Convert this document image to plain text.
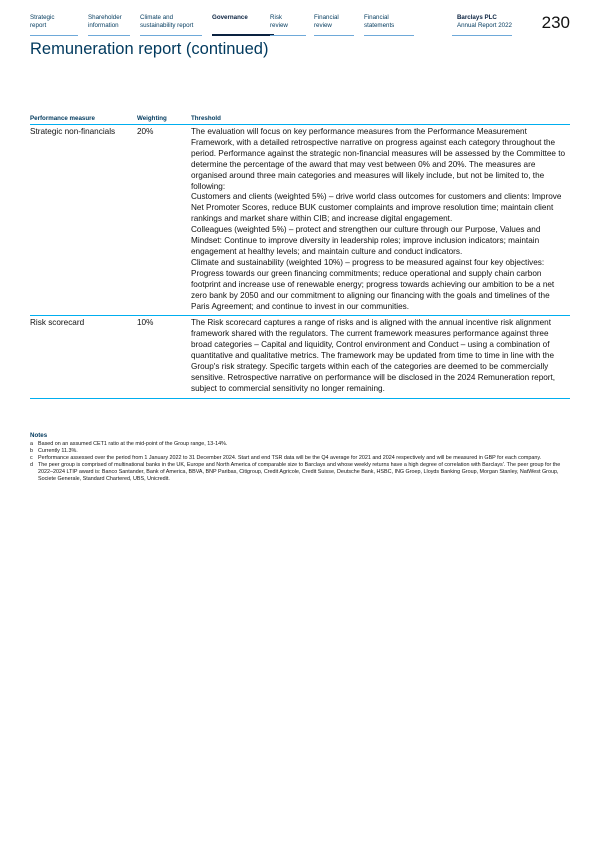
Strategic
report
Shareholder
information
Climate and
sustainability report
Governance	Risk
review
Financial
review
Financial
statements
Barclays PLC
Annual Report 2022 230
Remuneration report (continued)
Performance measure	Weighting	Threshold
Strategic non-financials	20%	The evaluation will focus on key performance measures from the Performance Measurement Framework, with a detailed retrospective narrative on progress against each category throughout the period. Performance against the strategic non-financial measures will be assessed by the Committee to determine the percentage of the award that may vest between 0% and 20%. The measures are organised around three main categories and measures will likely include, but not be limited to, the following:

Customers and clients (weighted 5%) – drive world class outcomes for customers and clients: Improve Net Promoter Scores, reduce BUK customer complaints and improve resolution time; maintain client rankings and market share within CIB; and increase digital engagement.

Colleagues (weighted 5%) – protect and strengthen our culture through our Purpose, Values and Mindset: Continue to improve diversity in leadership roles; improve inclusion indicators; maintain engagement at healthy levels; and maintain culture and conduct indicators.

Climate and sustainability (weighted 10%) – progress to be measured against four key objectives: Progress towards our green financing commitments; reduce operational and supply chain carbon footprint and increase use of renewable energy; progress towards achieving our ambition to be a net zero bank by 2050 and our commitment to aligning our financing with the goals and timelines of the Paris Agreement; and continue to invest in our communities.

Risk scorecard	10%	The Risk scorecard captures a range of risks and is aligned with the annual incentive risk alignment framework shared with the regulators. The current framework measures performance against three broad categories – Capital and liquidity, Control environment and Conduct – using a combination of quantitative and qualitative metrics. The framework may be updated from time to time in line with the Group's risk strategy. Specific targets within each of the categories are deemed to be commercially sensitive. Retrospective narrative on performance will be disclosed in the 2024 Remuneration report, subject to commercial sensitivity no longer remaining.

Notes
a Based on an assumed CET1 ratio at the mid-point of the Group range, 13-14%.
b Currently 11.3%.
c Performance assessed over the period from 1 January 2022 to 31 December 2024. Start and end TSR data will be the Q4 average for 2021 and 2024 respectively and will be measured in GBP for each company.
d The peer group is comprised of multinational banks in the UK, Europe and North America of comparable size to Barclays and whose weekly returns have a high degree of correlation with Barclays'. The peer group for the 2022–2024 LTIP award is: Banco Santander, Bank of America, BBVA, BNP Paribas, Citigroup, Credit Agricole, Credit Suisse, Deutsche Bank, HSBC, ING Groep, Lloyds Banking Group, Morgan Stanley, NatWest Group, Societe Generale, Standard Chartered, UBS, Unicredit.
